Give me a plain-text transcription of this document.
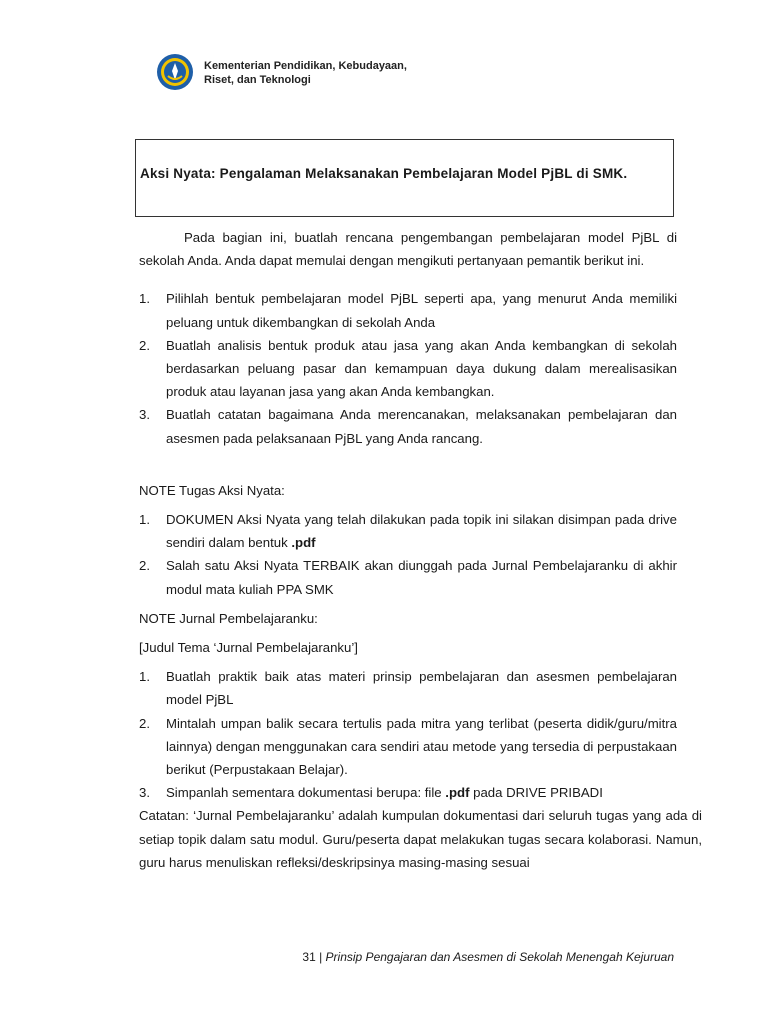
Kementerian Pendidikan, Kebudayaan,
Riset, dan Teknologi

Aksi Nyata: Pengalaman Melaksanakan Pembelajaran Model PjBL di SMK.

Pada bagian ini, buatlah rencana pengembangan pembelajaran model PjBL di sekolah Anda. Anda dapat memulai dengan mengikuti pertanyaan pemantik berikut ini.

1. Pilihlah bentuk pembelajaran model PjBL seperti apa, yang menurut Anda memiliki peluang untuk dikembangkan di sekolah Anda
2. Buatlah analisis bentuk produk atau jasa yang akan Anda kembangkan di sekolah berdasarkan peluang pasar dan kemampuan daya dukung dalam merealisasikan produk atau layanan jasa yang akan Anda kembangkan.
3. Buatlah catatan bagaimana Anda merencanakan, melaksanakan pembelajaran dan asesmen pada pelaksanaan PjBL yang Anda rancang.

NOTE Tugas Aksi Nyata:

1. DOKUMEN Aksi Nyata yang telah dilakukan pada topik ini silakan disimpan pada drive sendiri dalam bentuk .pdf
2. Salah satu Aksi Nyata TERBAIK akan diunggah pada Jurnal Pembelajaranku di akhir modul mata kuliah PPA SMK

NOTE Jurnal Pembelajaranku:

[Judul Tema ‘Jurnal Pembelajaranku’]

1. Buatlah praktik baik atas materi prinsip pembelajaran dan asesmen pembelajaran model PjBL
2. Mintalah umpan balik secara tertulis pada mitra yang terlibat (peserta didik/guru/mitra lainnya) dengan menggunakan cara sendiri atau metode yang tersedia di perpustakaan berikut (Perpustakaan Belajar).
3. Simpanlah sementara dokumentasi berupa: file .pdf pada DRIVE PRIBADI

Catatan: ‘Jurnal Pembelajaranku’ adalah kumpulan dokumentasi dari seluruh tugas yang ada di setiap topik dalam satu modul. Guru/peserta dapat melakukan tugas secara kolaborasi. Namun, guru harus menuliskan refleksi/deskripsinya masing-masing sesuai

31 | Prinsip Pengajaran dan Asesmen di Sekolah Menengah Kejuruan
